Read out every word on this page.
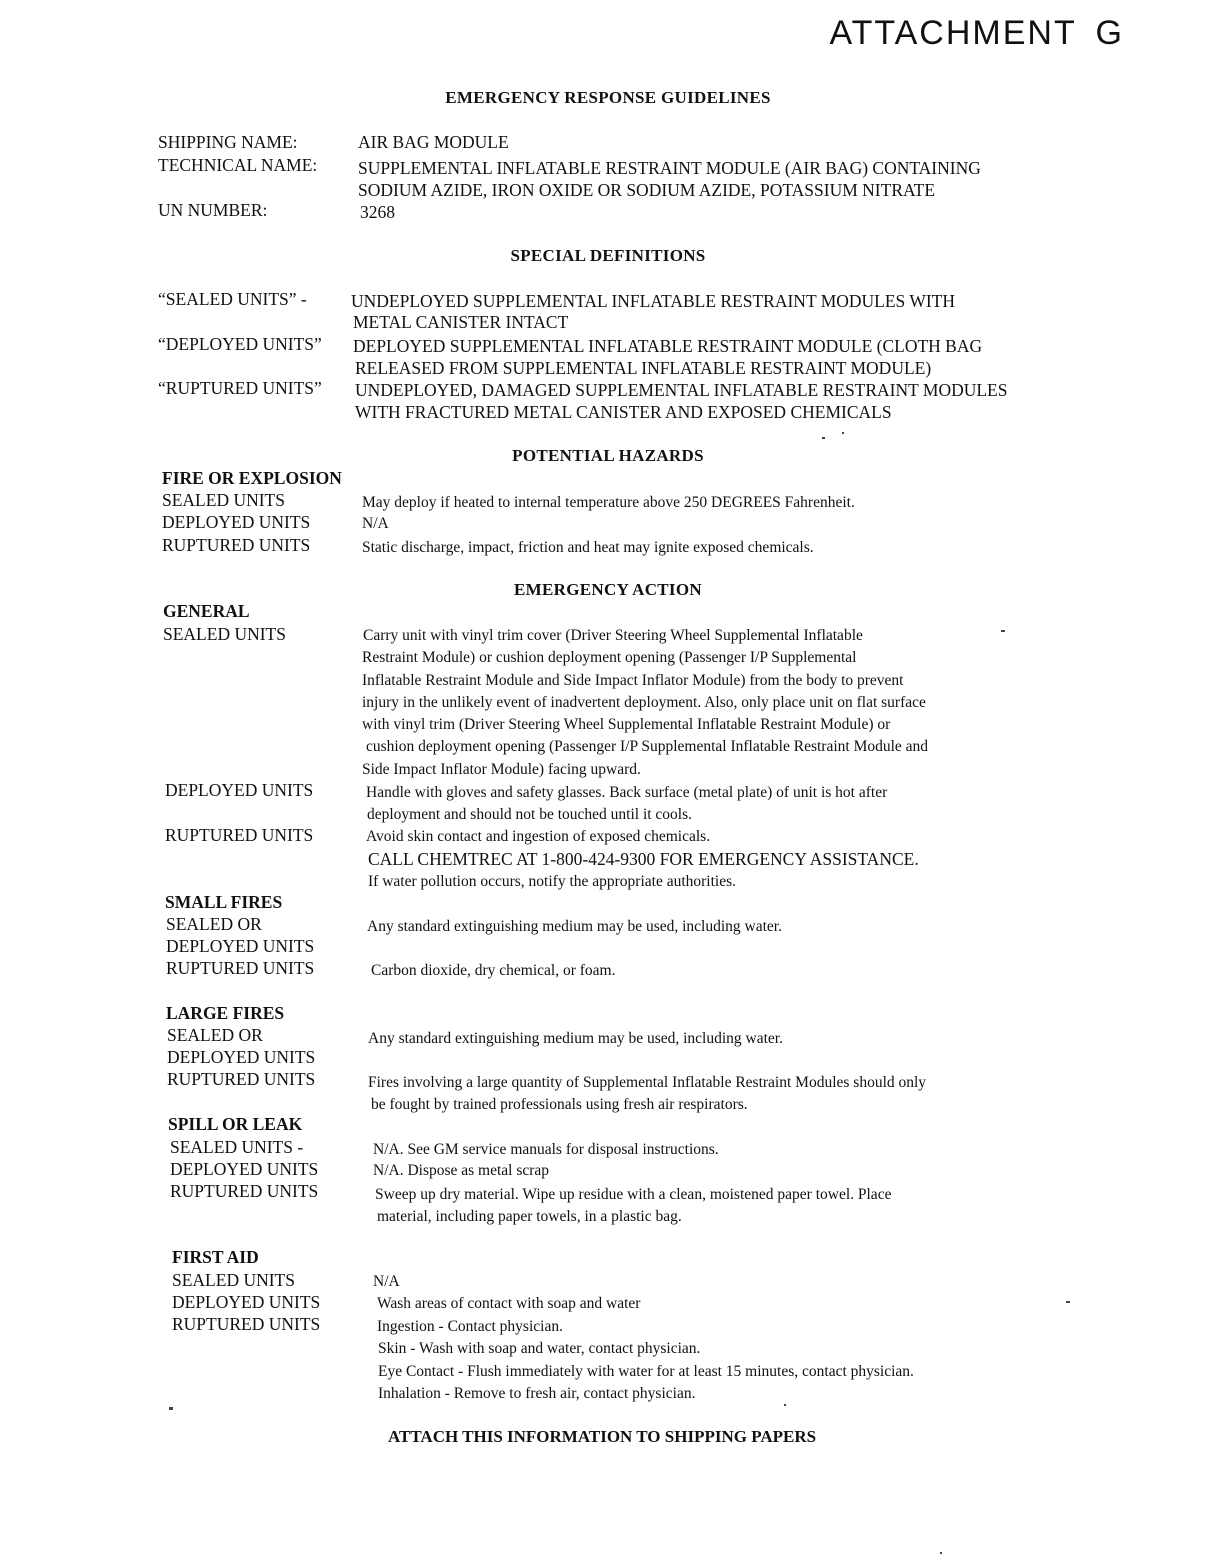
ATTACHMENT G
EMERGENCY RESPONSE GUIDELINES
SHIPPING NAME:	AIR BAG MODULE
TECHNICAL NAME: SUPPLEMENTAL INFLATABLE RESTRAINT MODULE (AIR BAG) CONTAINING
SODIUM AZIDE, IRON OXIDE OR SODIUM AZIDE, POTASSIUM NITRATE
UN NUMBER:	3268
SPECIAL DEFINITIONS
“SEALED UNITS” -	UNDEPLOYED SUPPLEMENTAL INFLATABLE RESTRAINT MODULES WITH
METAL CANISTER INTACT
“DEPLOYED UNITS” DEPLOYED SUPPLEMENTAL INFLATABLE RESTRAINT MODULE (CLOTH BAG
RELEASED FROM SUPPLEMENTAL INFLATABLE RESTRAINT MODULE)
“RUPTURED UNITS” UNDEPLOYED, DAMAGED SUPPLEMENTAL INFLATABLE RESTRAINT MODULES
WITH FRACTURED METAL CANISTER AND EXPOSED CHEMICALS
POTENTIAL HAZARDS
FIRE OR EXPLOSION
SEALED UNITS	May deploy if heated to internal temperature above 250 DEGREES Fahrenheit.
DEPLOYED UNITS	N/A
RUPTURED UNITS	Static discharge, impact, friction and heat may ignite exposed chemicals.
EMERGENCY ACTION
GENERAL
SEALED UNITS	Carry unit with vinyl trim cover (Driver Steering Wheel Supplemental Inflatable
Restraint Module) or cushion deployment opening (Passenger I/P Supplemental
Inflatable Restraint Module and Side Impact Inflator Module) from the body to prevent
injury in the unlikely event of inadvertent deployment. Also, only place unit on flat surface
with vinyl trim (Driver Steering Wheel Supplemental Inflatable Restraint Module) or
cushion deployment opening (Passenger I/P Supplemental Inflatable Restraint Module and
Side Impact Inflator Module) facing upward.
DEPLOYED UNITS	Handle with gloves and safety glasses. Back surface (metal plate) of unit is hot after
deployment and should not be touched until it cools.
RUPTURED UNITS	Avoid skin contact and ingestion of exposed chemicals.
CALL CHEMTREC AT 1-800-424-9300 FOR EMERGENCY ASSISTANCE.
If water pollution occurs, notify the appropriate authorities.
SMALL FIRES
SEALED OR	Any standard extinguishing medium may be used, including water.
DEPLOYED UNITS
RUPTURED UNITS	Carbon dioxide, dry chemical, or foam.
LARGE FIRES
SEALED OR	Any standard extinguishing medium may be used, including water.
DEPLOYED UNITS
RUPTURED UNITS	Fires involving a large quantity of Supplemental Inflatable Restraint Modules should only
be fought by trained professionals using fresh air respirators.
SPILL OR LEAK
SEALED UNITS -	N/A. See GM service manuals for disposal instructions.
DEPLOYED UNITS	N/A. Dispose as metal scrap
RUPTURED UNITS	Sweep up dry material. Wipe up residue with a clean, moistened paper towel. Place
material, including paper towels, in a plastic bag.
FIRST AID
SEALED UNITS	N/A
DEPLOYED UNITS	Wash areas of contact with soap and water
RUPTURED UNITS	Ingestion - Contact physician.
Skin - Wash with soap and water, contact physician.
Eye Contact - Flush immediately with water for at least 15 minutes, contact physician.
Inhalation - Remove to fresh air, contact physician.
ATTACH THIS INFORMATION TO SHIPPING PAPERS
